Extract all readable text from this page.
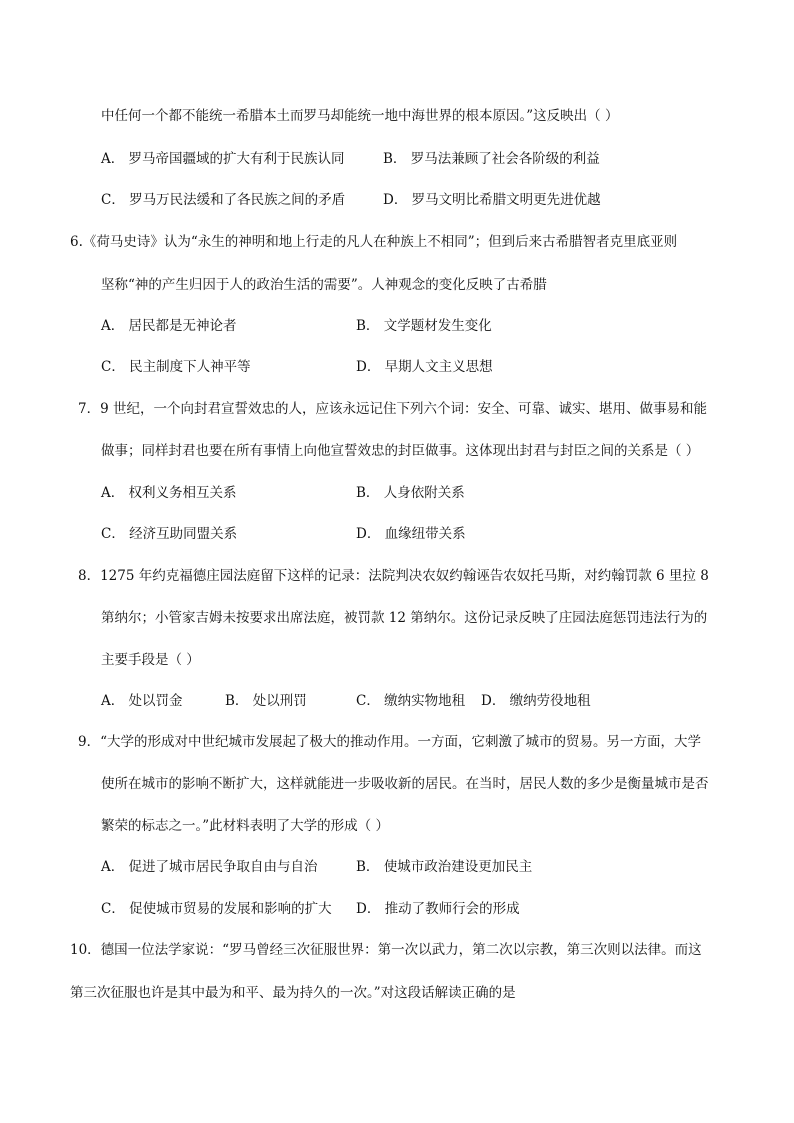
中任何一个都不能统一希腊本土而罗马却能统一地中海世界的根本原因。”这反映出（ ）
A． 罗马帝国疆域的扩大有利于民族认同	B． 罗马法兼顾了社会各阶级的利益
C． 罗马万民法缓和了各民族之间的矛盾	D． 罗马文明比希腊文明更先进优越
6.《荷马史诗》认为“永生的神明和地上行走的凡人在种族上不相同”；但到后来古希腊智者克里底亚则
坚称“神的产生归因于人的政治生活的需要”。人神观念的变化反映了古希腊
A． 居民都是无神论者	B． 文学题材发生变化
C． 民主制度下人神平等	D． 早期人文主义思想
7．9 世纪，一个向封君宣誓效忠的人，应该永远记住下列六个词：安全、可靠、诚实、堪用、做事易和能
做事；同样封君也要在所有事情上向他宣誓效忠的封臣做事。这体现出封君与封臣之间的关系是（ ）
A． 权利义务相互关系	B． 人身依附关系
C． 经济互助同盟关系	D． 血缘纽带关系
8．1275 年约克福德庄园法庭留下这样的记录：法院判决农奴约翰诬告农奴托马斯，对约翰罚款 6 里拉 8
第纳尔；小管家吉姆未按要求出席法庭，被罚款 12 第纳尔。这份记录反映了庄园法庭惩罚违法行为的
主要手段是（ ）
A． 处以罚金	B． 处以刑罚	C． 缴纳实物地租 D． 缴纳劳役地租
9．“大学的形成对中世纪城市发展起了极大的推动作用。一方面，它刺激了城市的贸易。另一方面，大学
使所在城市的影响不断扩大，这样就能进一步吸收新的居民。在当时，居民人数的多少是衡量城市是否
繁荣的标志之一。”此材料表明了大学的形成（ ）
A． 促进了城市居民争取自由与自治	B． 使城市政治建设更加民主
C． 促使城市贸易的发展和影响的扩大 D． 推动了教师行会的形成
10．德国一位法学家说：“罗马曾经三次征服世界：第一次以武力，第二次以宗教，第三次则以法律。而这
第三次征服也许是其中最为和平、最为持久的一次。”对这段话解读正确的是
